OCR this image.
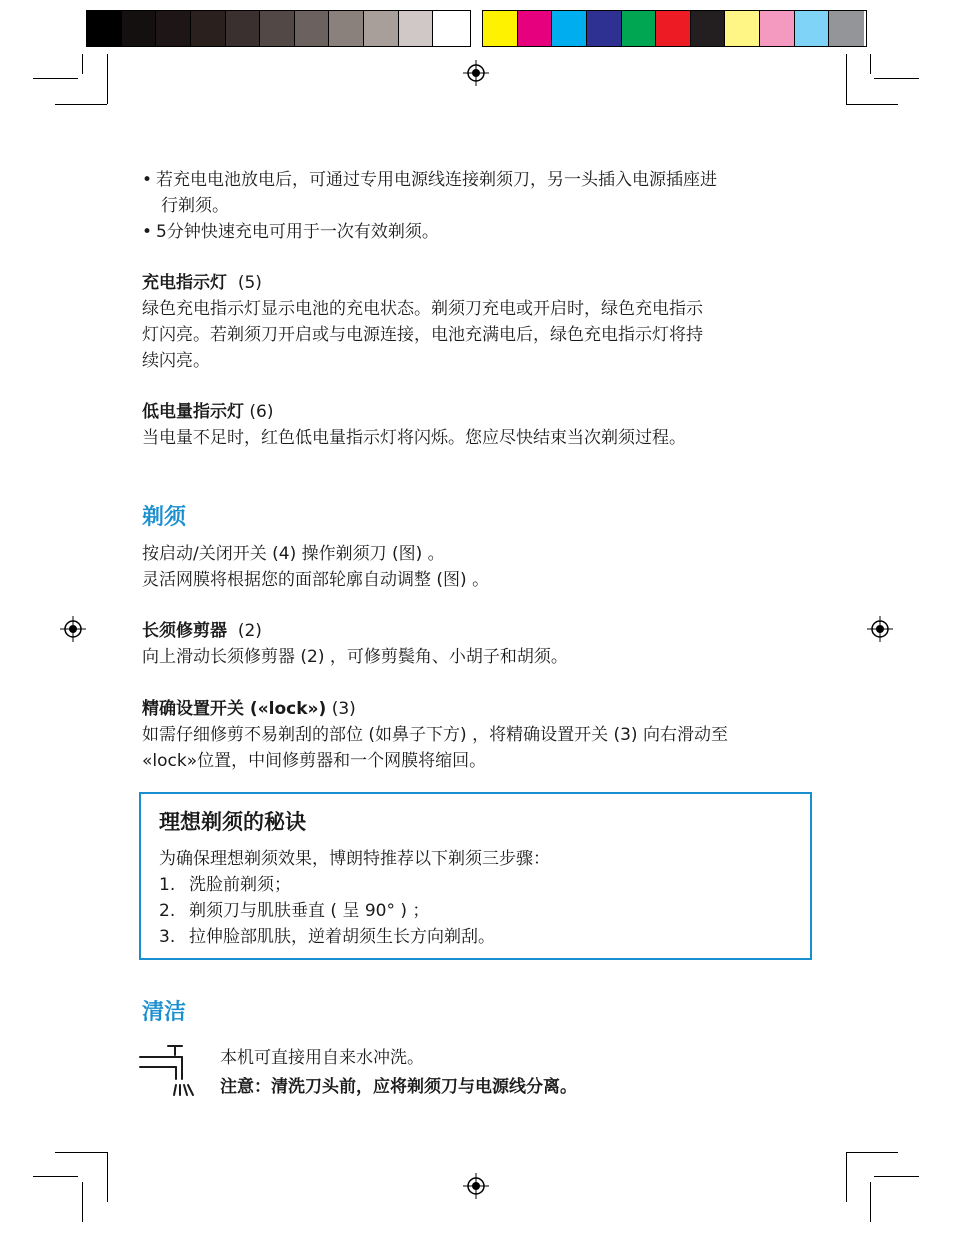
• 若充电电池放电后，可通过专用电源线连接剃须刀，另一头插入电源插座进
行剃须。
• 5分钟快速充电可用于一次有效剃须。
充电指示灯 (5)
绿色充电指示灯显示电池的充电状态。剃须刀充电或开启时，绿色充电指示
灯闪亮。若剃须刀开启或与电源连接，电池充满电后，绿色充电指示灯将持
续闪亮。
低电量指示灯 (6)
当电量不足时，红色低电量指示灯将闪烁。您应尽快结束当次剃须过程。
剃须
按启动/关闭开关 (4) 操作剃须刀 (图) 。
灵活网膜将根据您的面部轮廓自动调整 (图) 。
长须修剪器 (2)
向上滑动长须修剪器 (2) ，可修剪鬓角、小胡子和胡须。
精确设置开关 («lock») (3)
如需仔细修剪不易剃刮的部位 (如鼻子下方) ，将精确设置开关 (3) 向右滑动至
«lock»位置，中间修剪器和一个网膜将缩回。
理想剃须的秘诀
为确保理想剃须效果，博朗特推荐以下剃须三步骤：
1. 洗脸前剃须；
2. 剃须刀与肌肤垂直 ( 呈 90° ) ；
3. 拉伸脸部肌肤，逆着胡须生长方向剃刮。
清洁
本机可直接用自来水冲洗。
注意：清洗刀头前，应将剃须刀与电源线分离。
